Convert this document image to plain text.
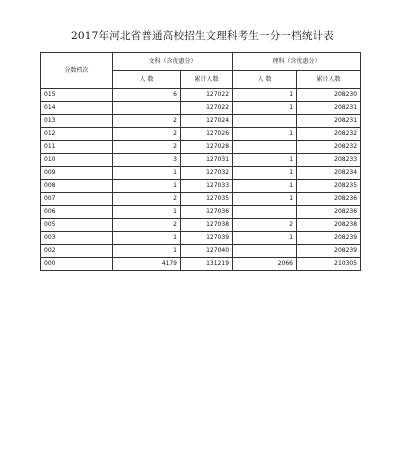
2017年河北省普通高校招生文理科考生一分一档统计表
分数档次	文科（含优惠分）		理科（含优惠分）	
	人 数	累计人数	人 数	累计人数
015	6	127022	1	208230
014		127022	1	208231
013	2	127024		208231
012	2	127026	1	208232
011	2	127028		208232
010	3	127031	1	208233
009	1	127032	1	208234
008	1	127033	1	208235
007	2	127035	1	208236
006	1	127036		208236
005	2	127038	2	208238
003	1	127039	1	208239
002	1	127040		208239
000	4179	131219	2066	210305
